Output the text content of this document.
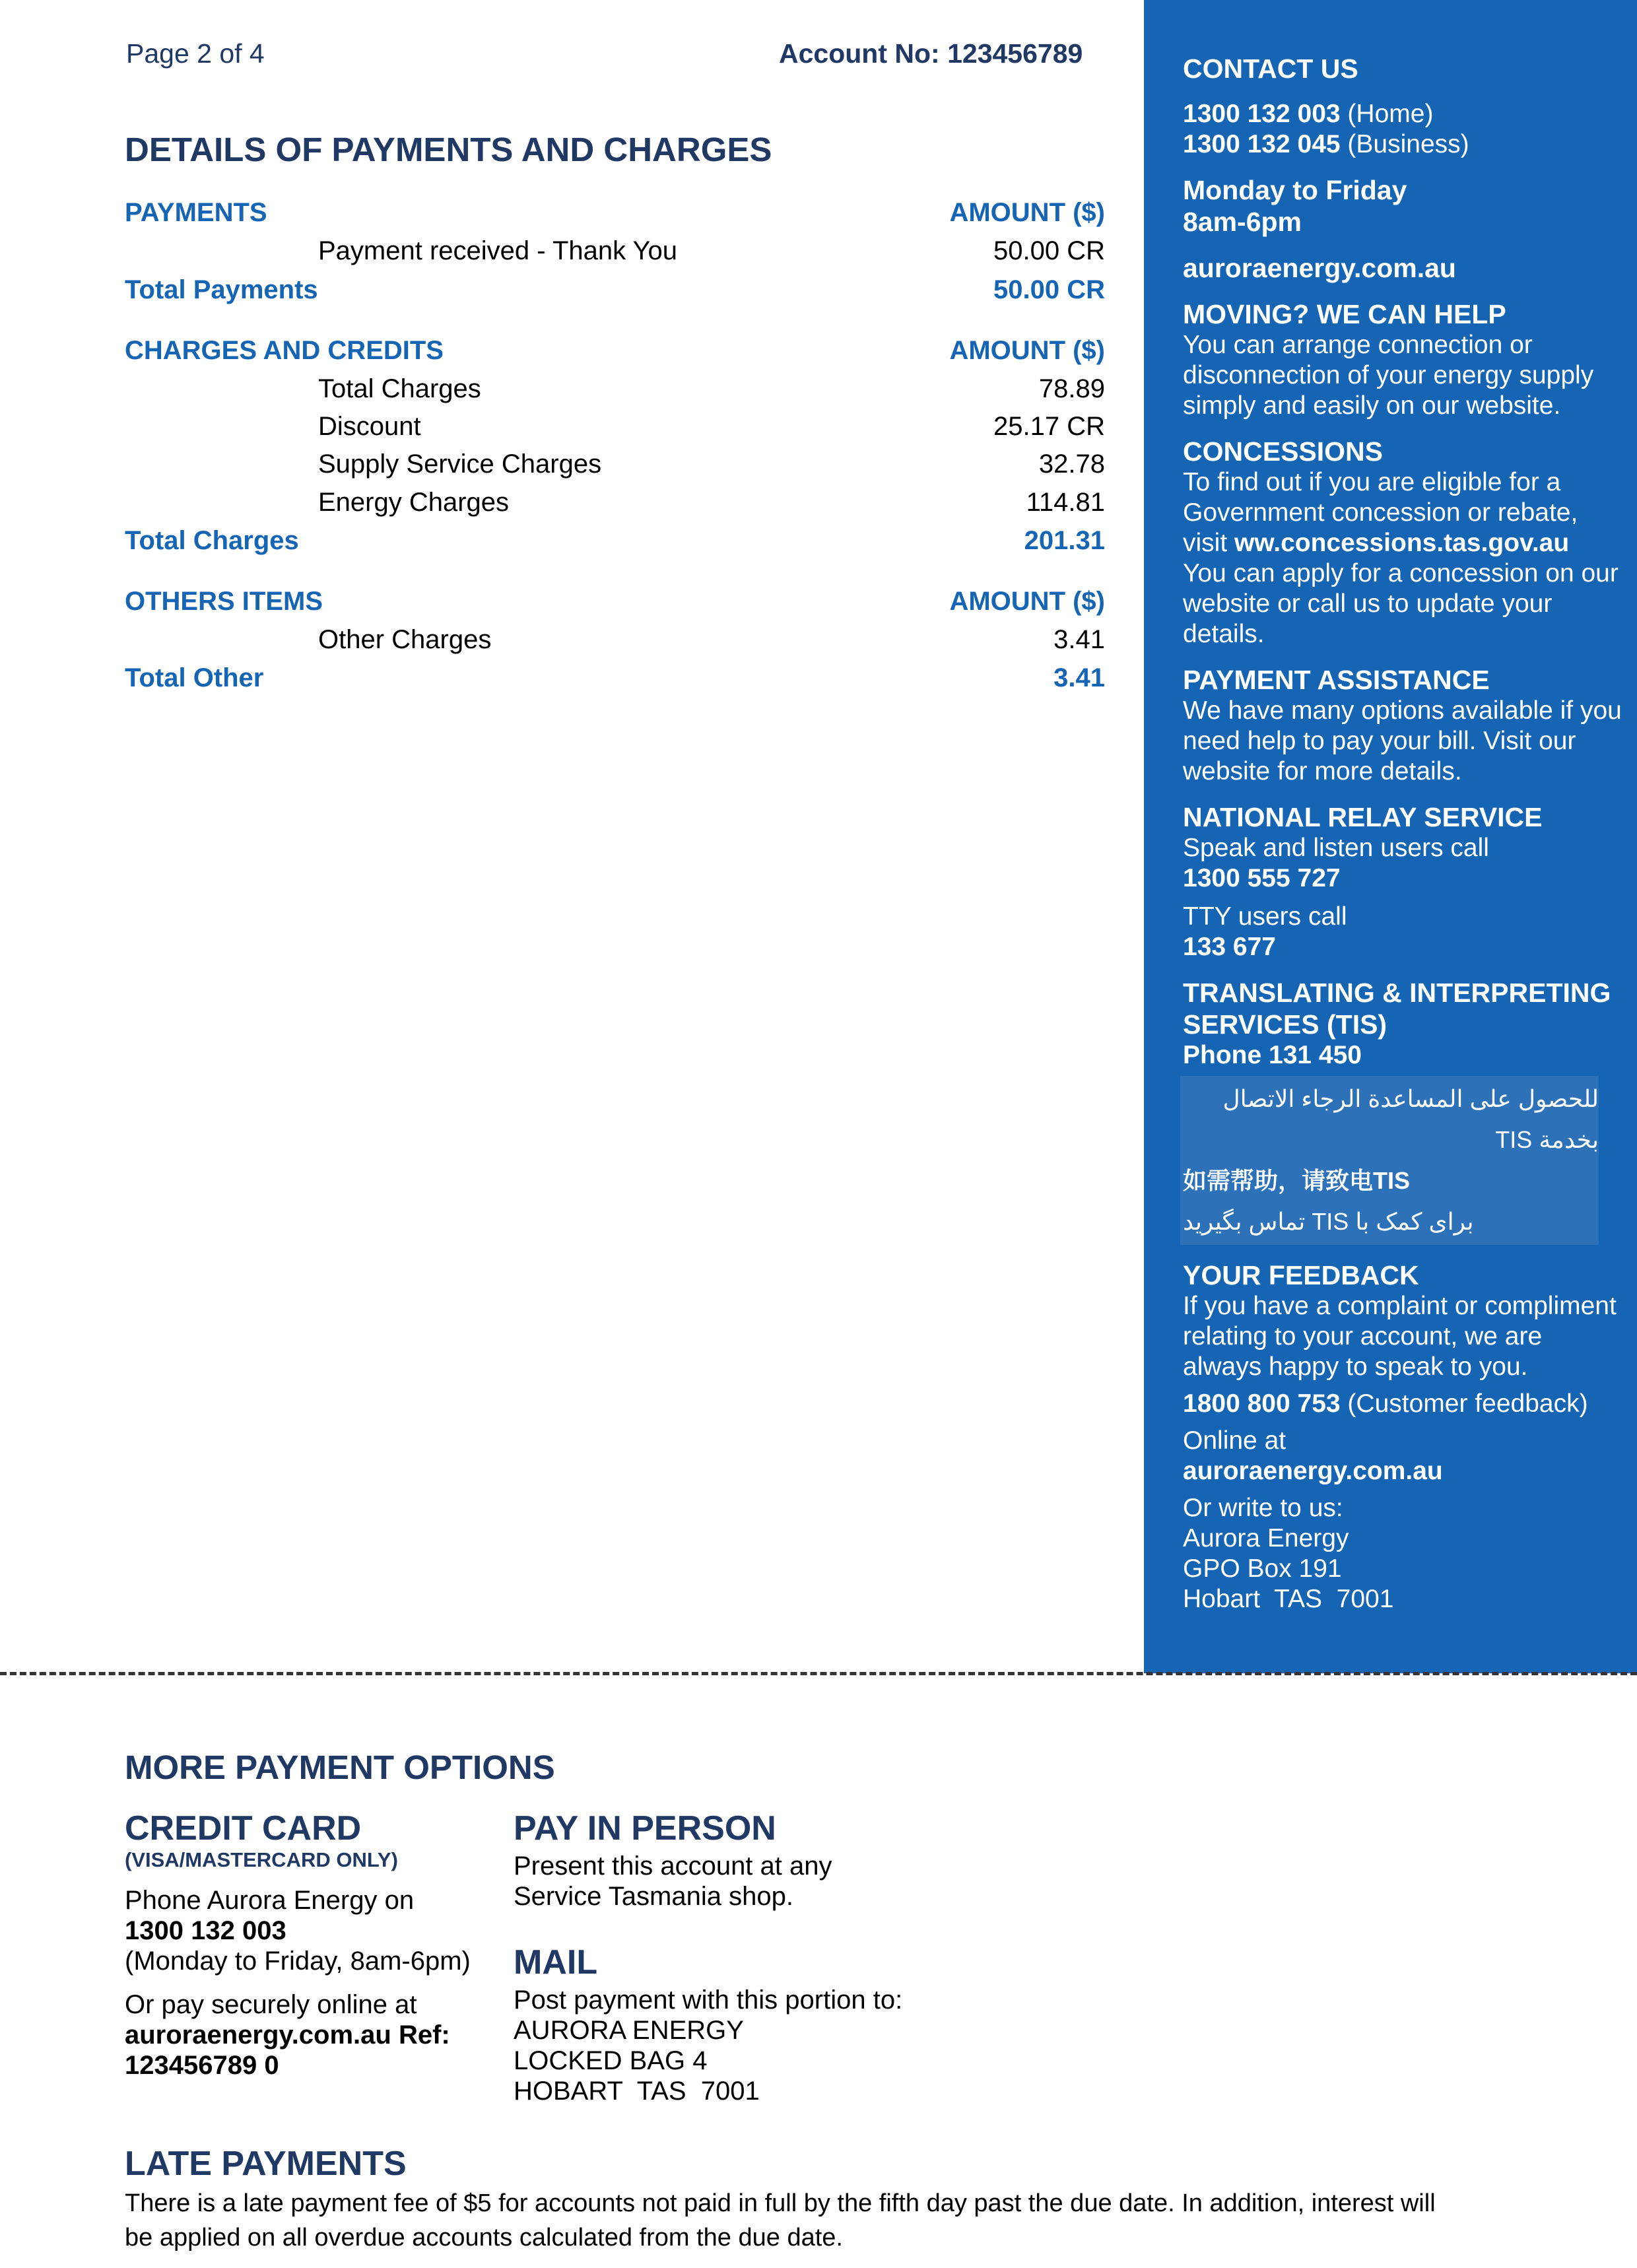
Page 2 of 4	Account No: 123456789
DETAILS OF PAYMENTS AND CHARGES
PAYMENTS	AMOUNT ($)
Payment received - Thank You	50.00 CR
Total Payments	50.00 CR
CHARGES AND CREDITS	AMOUNT ($)
Total Charges	78.89
Discount	25.17 CR
Supply Service Charges	32.78
Energy Charges	114.81
Total Charges	201.31
OTHERS ITEMS	AMOUNT ($)
Other Charges	3.41
Total Other	3.41
CONTACT US
1300 132 003 (Home)
1300 132 045 (Business)
Monday to Friday
8am-6pm
auroraenergy.com.au
MOVING? WE CAN HELP
You can arrange connection or disconnection of your energy supply simply and easily on our website.
CONCESSIONS
To find out if you are eligible for a Government concession or rebate, visit ww.concessions.tas.gov.au
You can apply for a concession on our website or call us to update your details.
PAYMENT ASSISTANCE
We have many options available if you need help to pay your bill. Visit our website for more details.
NATIONAL RELAY SERVICE
Speak and listen users call
1300 555 727
TTY users call
133 677
TRANSLATING & INTERPRETING SERVICES (TIS)
Phone 131 450
للحصول على المساعدة الرجاء الاتصال بخدمة TIS
如需帮助，请致电TIS
برای کمک با TIS تماس بگیرید
YOUR FEEDBACK
If you have a complaint or compliment relating to your account, we are always happy to speak to you.
1800 800 753 (Customer feedback)
Online at
auroraenergy.com.au
Or write to us:
Aurora Energy
GPO Box 191
Hobart  TAS  7001
MORE PAYMENT OPTIONS
CREDIT CARD
(VISA/MASTERCARD ONLY)
Phone Aurora Energy on
1300 132 003
(Monday to Friday, 8am-6pm)
Or pay securely online at
auroraenergy.com.au Ref:
123456789 0
PAY IN PERSON
Present this account at any
Service Tasmania shop.
MAIL
Post payment with this portion to:
AURORA ENERGY
LOCKED BAG 4
HOBART  TAS  7001
LATE PAYMENTS
There is a late payment fee of $5 for accounts not paid in full by the fifth day past the due date. In addition, interest will be applied on all overdue accounts calculated from the due date.
